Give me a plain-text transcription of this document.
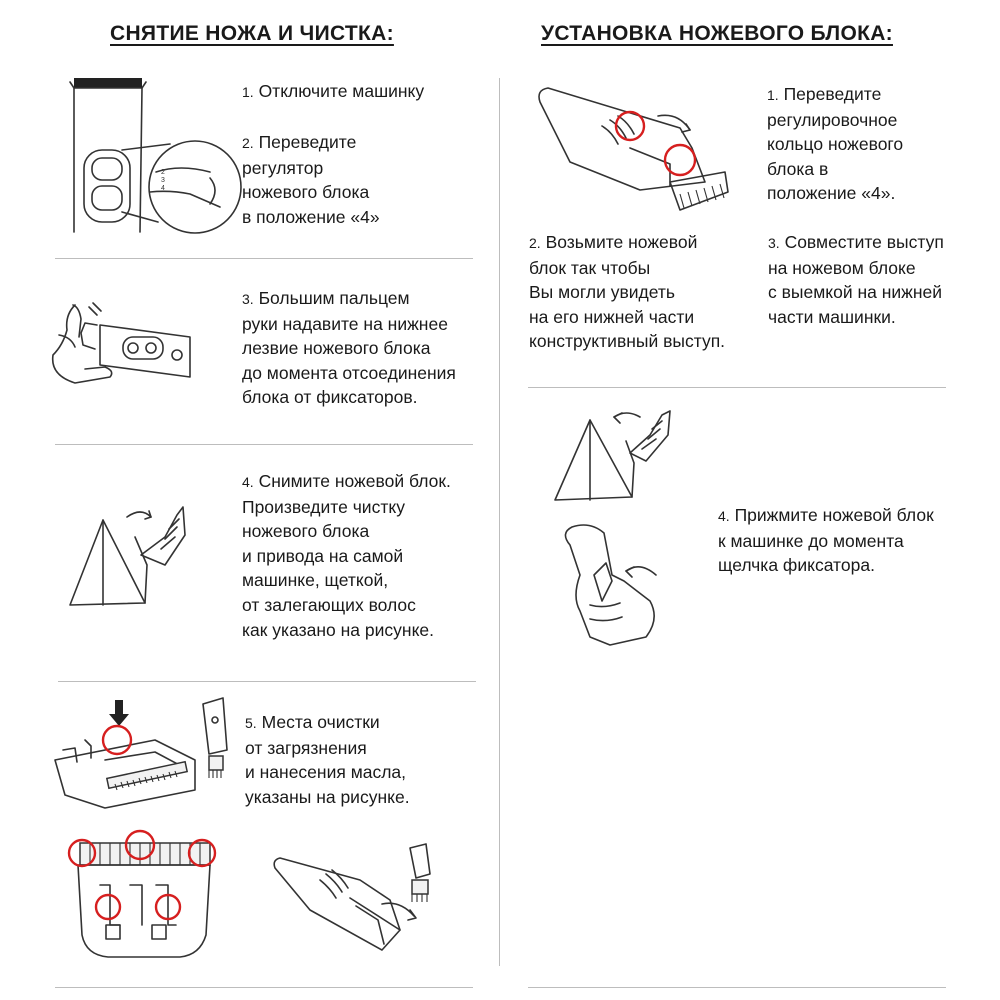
СНЯТИЕ НОЖА И ЧИСТКА:	УСТАНОВКА НОЖЕВОГО БЛОКА:
1. Отключите машинку
2. Переведите
регулятор
ножевого блока
в положение «4»
3. Большим пальцем
руки надавите на нижнее
лезвие ножевого блока
до момента отсоединения
блока от фиксаторов.
4. Снимите ножевой блок.
Произведите чистку
ножевого блока
и привода на самой
машинке, щеткой,
от залегающих волос
как указано на рисунке.
5. Места очистки
от загрязнения
и нанесения масла,
указаны на рисунке.
1. Переведите
регулировочное
кольцо ножевого
блока в
положение «4».
2. Возьмите ножевой
блок так чтобы
Вы могли увидеть
на его нижней части
конструктивный выступ.
3. Совместите выступ
на ножевом блоке
с выемкой на нижней
части машинки.
4. Прижмите ножевой блок
к машинке до момента
щелчка фиксатора.
2
3
4
